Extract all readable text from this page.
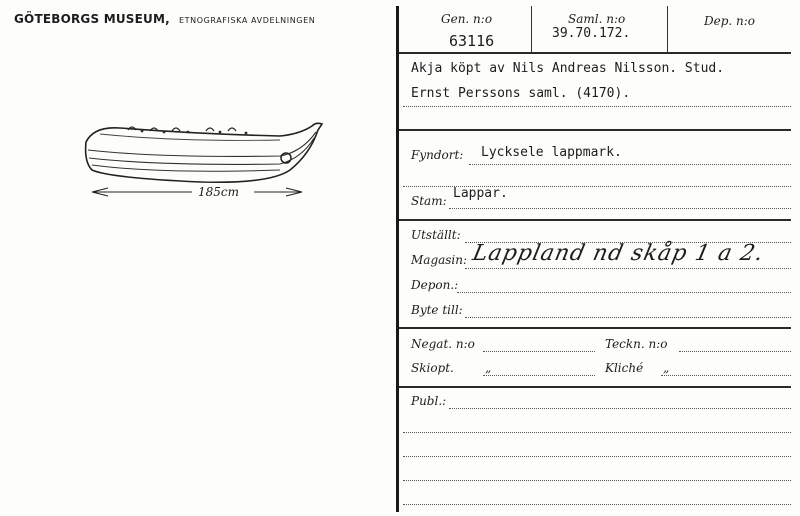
GÖTEBORGS MUSEUM, ETNOGRAFISKA AVDELNINGEN
185cm
Gen. n:o
63116
Saml. n:o
39.70.172.
Dep. n:o
Akja köpt av Nils Andreas Nilsson. Stud.
Ernst Perssons saml. (4170).
Fyndort: Lycksele lappmark.
Stam: Lappar.
Utställt:
Magasin: Lappland nd skåp 1 a 2.
Depon.:
Byte till:
Negat. n:o	Teckn. n:o
Skiopt.	„	Kliché „
Publ.:
